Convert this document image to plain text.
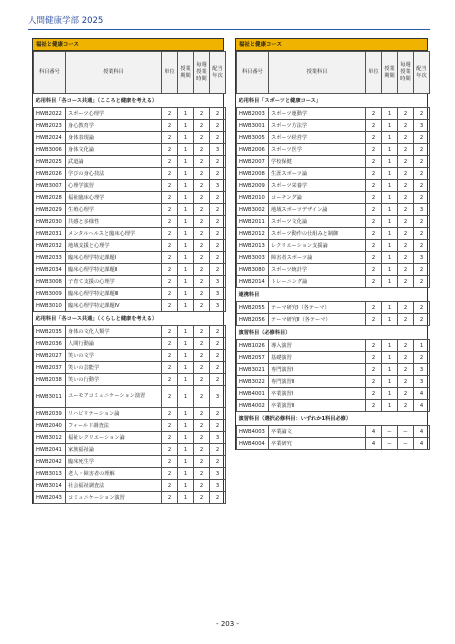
人間健康学部 2025
福祉と健康コース
科目番号	授業科目	単位	授業期間	毎週授業時間	配当年次
応用科目「各コース共通」（こころと健康を考える）					
HWB2022	スポーツ心理学	2	1	2	2
HWB2023	身心教育学	2	1	2	2
HWB2024	身体表現論	2	1	2	2
HWB3006	身体文化論	2	1	2	3
HWB2025	武道論	2	1	2	2
HWB2026	学びの身心技法	2	1	2	2
HWB3007	心理学演習	2	1	2	3
HWB2028	福祉臨床心理学	2	1	2	2
HWB2029	生殖心理学	2	1	2	2
HWB2030	共感と多様性	2	1	2	2
HWB2031	メンタルヘルスと臨床心理学	2	1	2	2
HWB2032	地域支援と心理学	2	1	2	2
HWB2033	臨床心理学特定課題Ⅰ	2	1	2	2
HWB2034	臨床心理学特定課題Ⅱ	2	1	2	2
HWB3008	子育て支援の心理学	2	1	2	3
HWB3009	臨床心理学特定課題Ⅲ	2	1	2	3
HWB3010	臨床心理学特定課題Ⅳ	2	1	2	3
応用科目「各コース共通」（くらしと健康を考える）					
HWB2035	身体の文化人類学	2	1	2	2
HWB2036	人間行動論	2	1	2	2
HWB2027	笑いの文学	2	1	2	2
HWB2037	笑いの芸能学	2	1	2	2
HWB2038	笑いの行動学	2	1	2	2
HWB3011	ユーモアコミュニケーション演習	2	1	2	3
HWB2039	リハビリテーション論	2	1	2	2
HWB2040	フィールド調査法	2	1	2	2
HWB3012	福祉レクリエーション論	2	1	2	3
HWB2041	家族福祉論	2	1	2	2
HWB2042	臨床死生学	2	1	2	2
HWB3013	老人・障害者の理解	2	1	2	3
HWB3014	社会福祉調査法	2	1	2	3
HWB2043	コミュニケーション演習	2	1	2	2
福祉と健康コース
科目番号	授業科目	単位	授業期間	毎週授業時間	配当年次
応用科目「スポーツと健康コース」					
HWB2003	スポーツ運動学	2	1	2	2
HWB3001	スポーツ方法学	2	1	2	3
HWB3005	スポーツ経営学	2	1	2	2
HWB2006	スポーツ医学	2	1	2	2
HWB2007	学校保健	2	1	2	2
HWB2008	生涯スポーツ論	2	1	2	2
HWB2009	スポーツ栄養学	2	1	2	2
HWB2010	コーチング論	2	1	2	2
HWB3002	地域スポーツデザイン論	2	1	2	3
HWB2011	スポーツ文化論	2	1	2	2
HWB2012	スポーツ動作の仕組みと制御	2	1	2	2
HWB2013	レクリエーション支援論	2	1	2	2
HWB3003	障害者スポーツ論	2	1	2	3
HWB3080	スポーツ統計学	2	1	2	2
HWB2014	トレーニング論	2	1	2	2
連携科目					
HWB2055	テーマ研究Ⅰ（各テーマ）	2	1	2	2
HWB2056	テーマ研究Ⅱ（各テーマ）	2	1	2	2
演習科目（必修科目）					
HWB1026	導入演習	2	1	2	1
HWB2057	基礎演習	2	1	2	2
HWB3021	専門演習Ⅰ	2	1	2	3
HWB3022	専門演習Ⅱ	2	1	2	3
HWB4001	卒業演習Ⅰ	2	1	2	4
HWB4002	卒業演習Ⅱ	2	1	2	4
演習科目（選択必修科目：いずれか1科目必修）					
HWB4003	卒業論文	4	ー	ー	4
HWB4004	卒業研究	4	ー	ー	4
- 203 -
